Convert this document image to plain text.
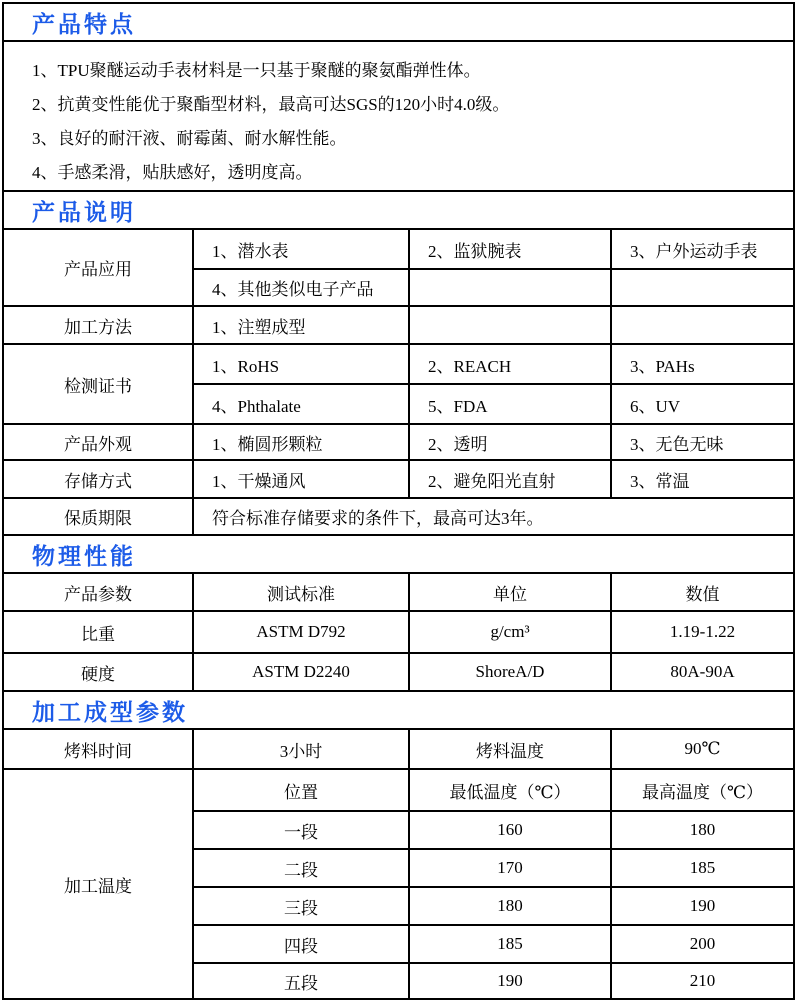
产品特点
1、TPU聚醚运动手表材料是一只基于聚醚的聚氨酯弹性体。
2、抗黄变性能优于聚酯型材料，最高可达SGS的120小时4.0级。
3、良好的耐汗液、耐霉菌、耐水解性能。
4、手感柔滑，贴肤感好，透明度高。
产品说明
产品应用	1、潜水表	2、监狱腕表	3、户外运动手表
	4、其他类似电子产品		
加工方法	1、注塑成型		
检测证书	1、RoHS	2、REACH	3、PAHs
	4、Phthalate	5、FDA	6、UV
产品外观	1、椭圆形颗粒	2、透明	3、无色无味
存储方式	1、干燥通风	2、避免阳光直射	3、常温
保质期限	符合标准存储要求的条件下，最高可达3年。		
物理性能
产品参数	测试标准	单位	数值
比重	ASTM D792	g/cm³	1.19-1.22
硬度	ASTM D2240	ShoreA/D	80A-90A
加工成型参数
烤料时间	3小时	烤料温度	90℃
加工温度	位置	最低温度（℃）	最高温度（℃）
	一段	160	180
	二段	170	185
	三段	180	190
	四段	185	200
	五段	190	210
